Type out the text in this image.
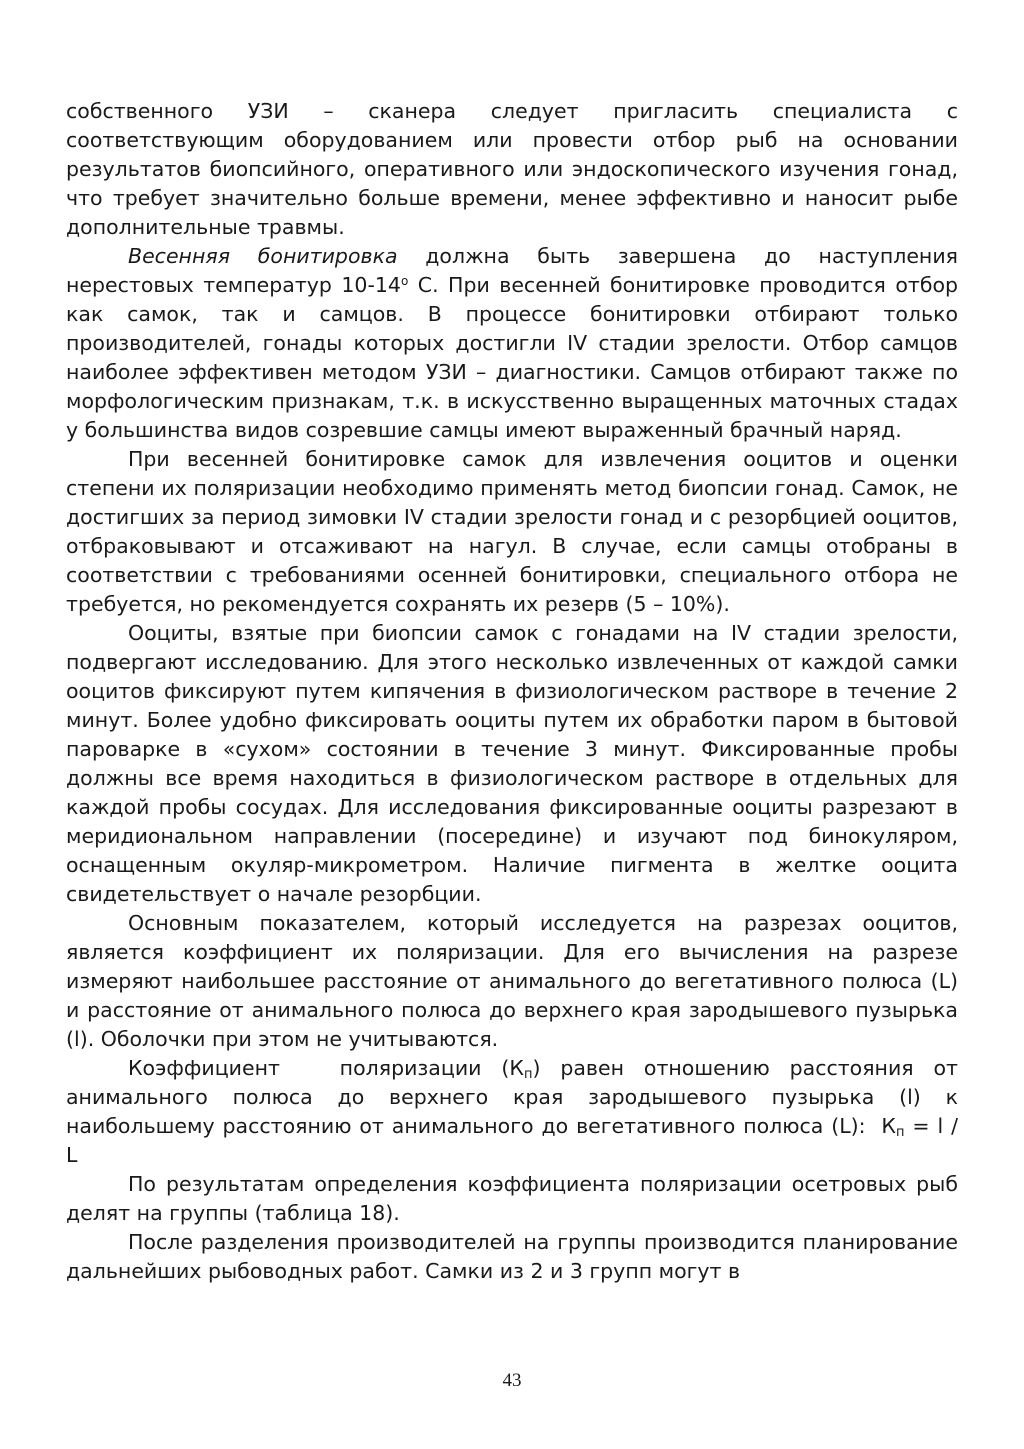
собственного УЗИ – сканера следует пригласить специалиста с соответствующим оборудованием или провести отбор рыб на основании результатов биопсийного, оперативного или эндоскопического изучения гонад, что требует значительно больше времени, менее эффективно и наносит рыбе дополнительные травмы.

Весенняя бонитировка должна быть завершена до наступления нерестовых температур $10-14^о$ С. При весенней бонитировке проводится отбор как самок, так и самцов. В процессе бонитировки отбирают только производителей, гонады которых достигли IV стадии зрелости. Отбор самцов наиболее эффективен методом УЗИ – диагностики. Самцов отбирают также по морфологическим признакам, т.к. в искусственно выращенных маточных стадах у большинства видов созревшие самцы имеют выраженный брачный наряд.

При весенней бонитировке самок для извлечения ооцитов и оценки степени их поляризации необходимо применять метод биопсии гонад. Самок, не достигших за период зимовки IV стадии зрелости гонад и с резорбцией ооцитов, отбраковывают и отсаживают на нагул. В случае, если самцы отобраны в соответствии с требованиями осенней бонитировки, специального отбора не требуется, но рекомендуется сохранять их резерв (5 – 10%).

Ооциты, взятые при биопсии самок с гонадами на IV стадии зрелости, подвергают исследованию. Для этого несколько извлеченных от каждой самки ооцитов фиксируют путем кипячения в физиологическом растворе в течение 2 минут. Более удобно фиксировать ооциты путем их обработки паром в бытовой пароварке в «сухом» состоянии в течение 3 минут. Фиксированные пробы должны все время находиться в физиологическом растворе в отдельных для каждой пробы сосудах. Для исследования фиксированные ооциты разрезают в меридиональном направлении (посередине) и изучают под бинокуляром, оснащенным окуляр-микрометром. Наличие пигмента в желтке ооцита свидетельствует о начале резорбции.

Основным показателем, который исследуется на разрезах ооцитов, является коэффициент их поляризации. Для его вычисления на разрезе измеряют наибольшее расстояние от анимального до вегетативного полюса (L) и расстояние от анимального полюса до верхнего края зародышевого пузырька (l). Оболочки при этом не учитываются.

Коэффициент   поляризации $(К_п)$ равен отношению расстояния от анимального полюса до верхнего края зародышевого пузырька (l) к наибольшему расстоянию от анимального до вегетативного полюса (L):  $К_п = l / L$

По результатам определения коэффициента поляризации осетровых рыб делят на группы (таблица 18).

После разделения производителей на группы производится планирование дальнейших рыбоводных работ. Самки из 2 и 3 групп могут в

43
